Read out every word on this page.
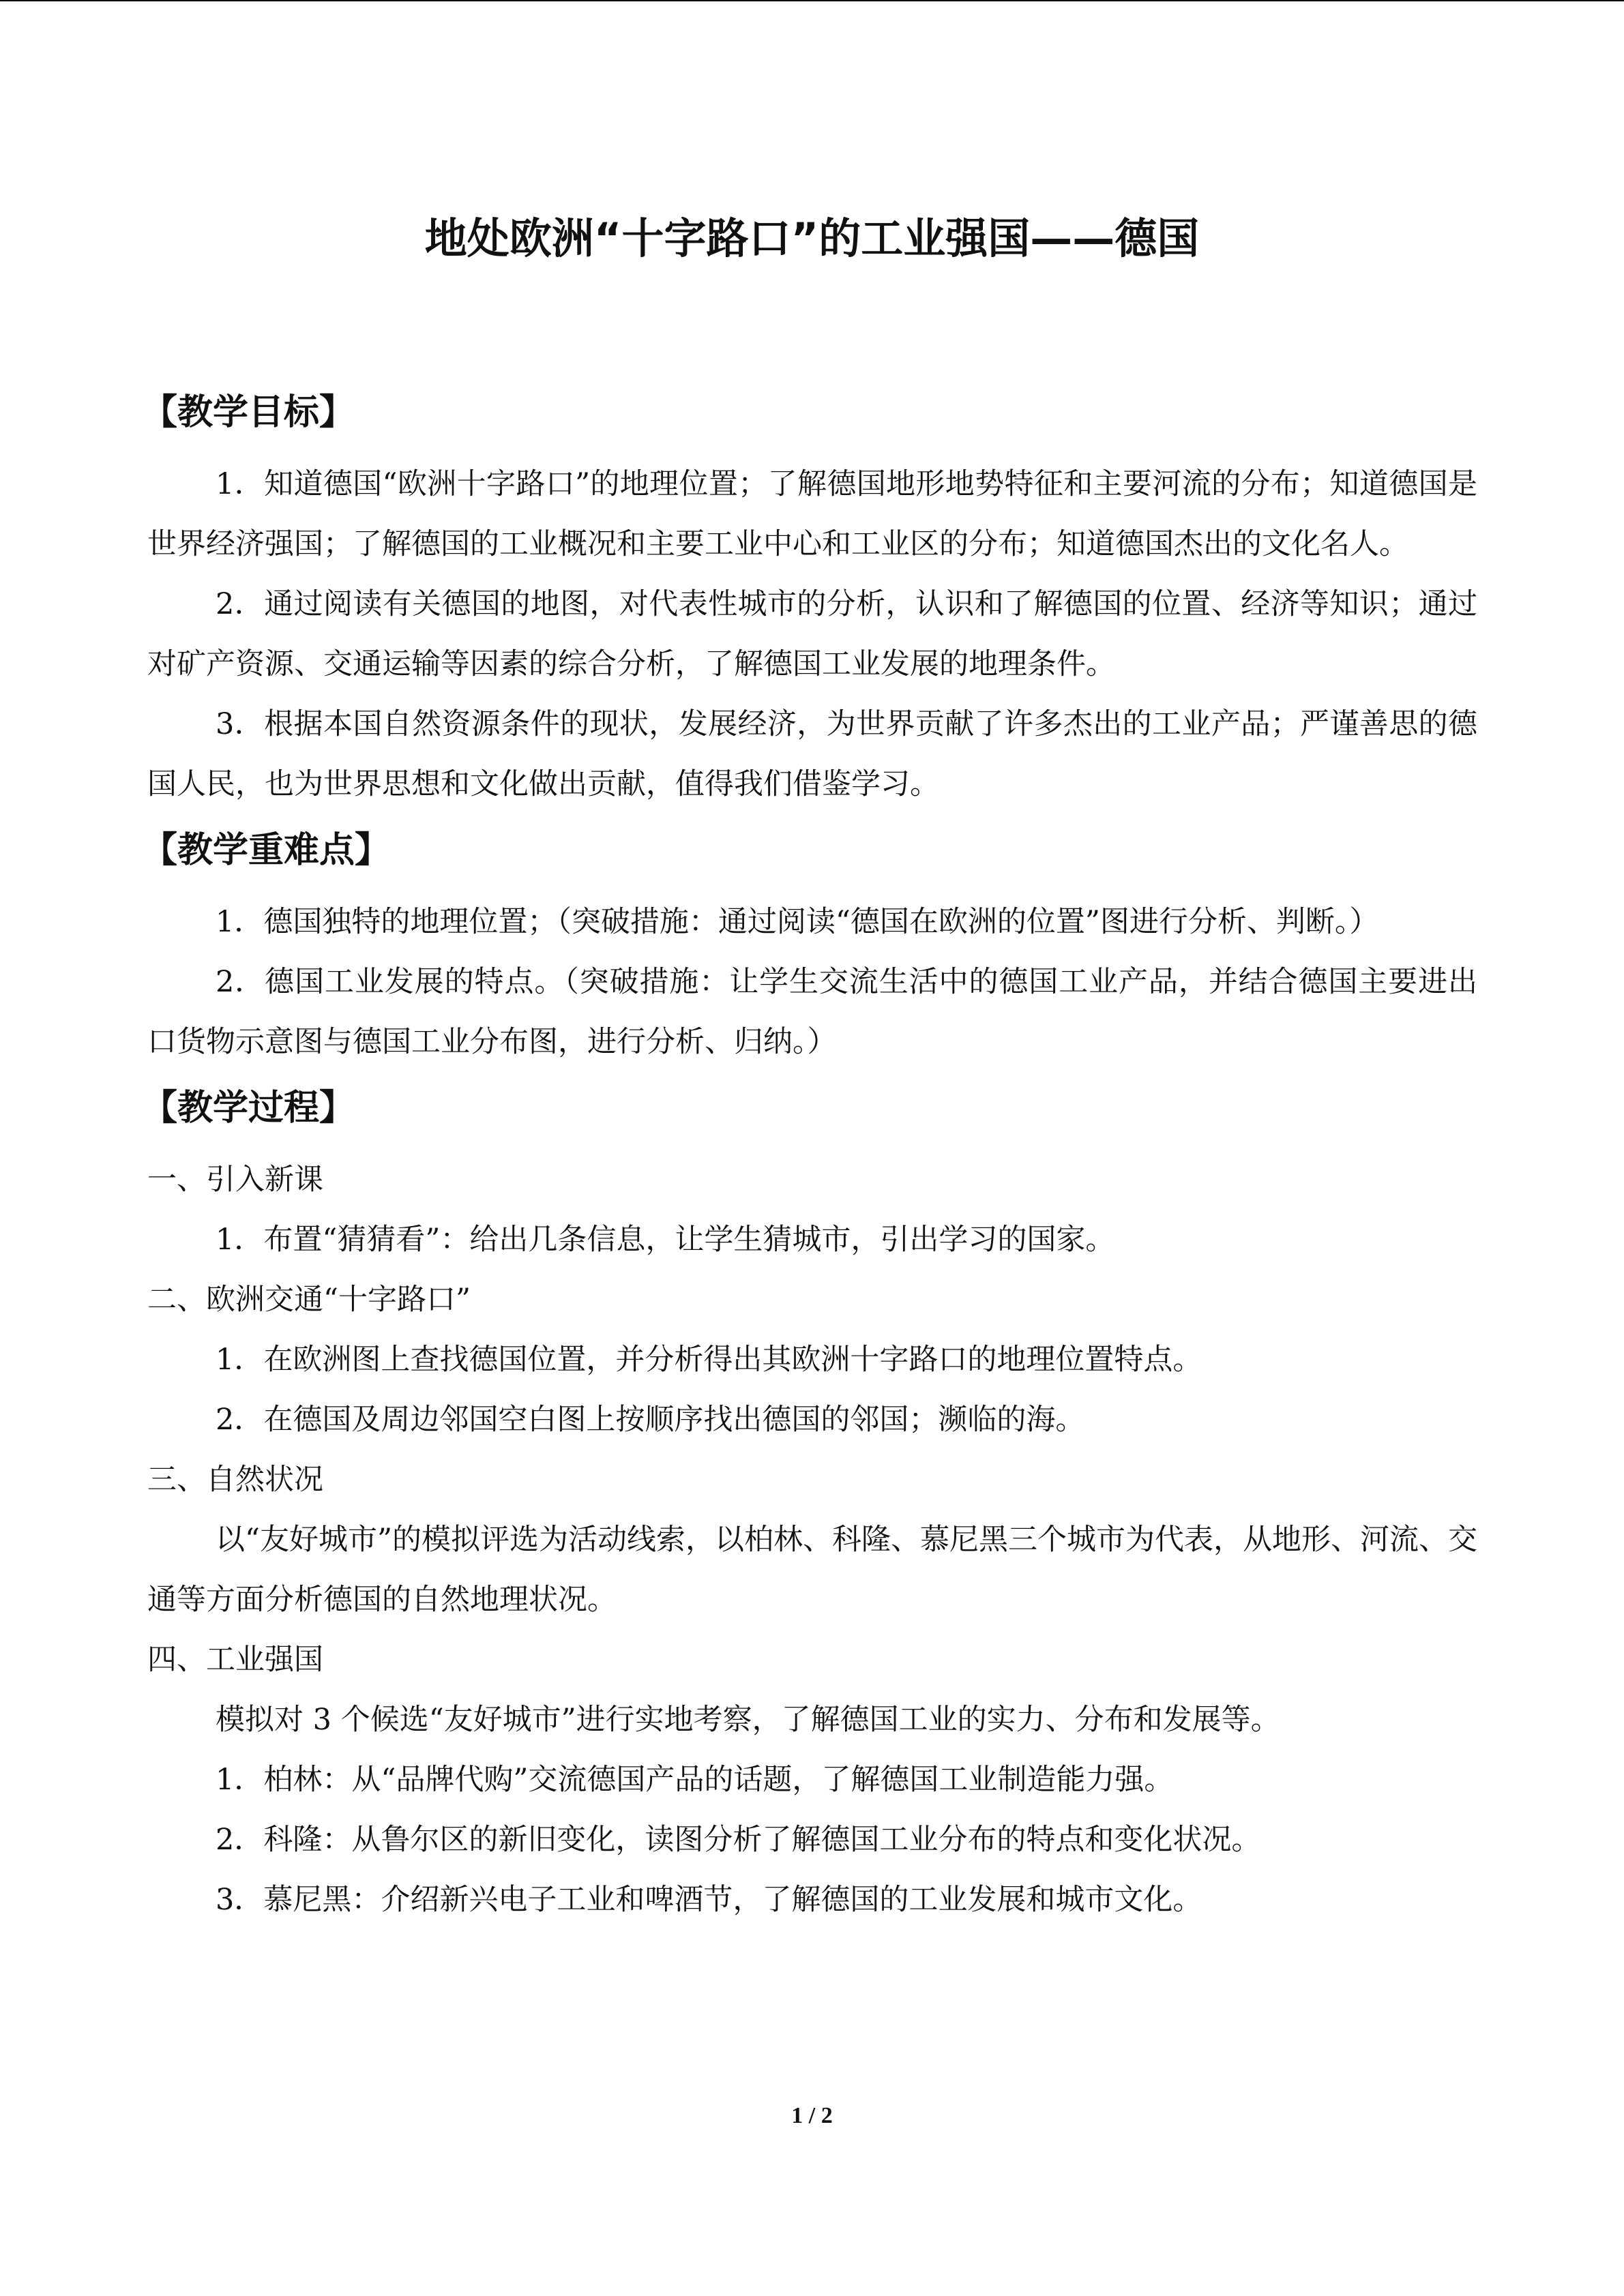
地处欧洲“十字路口”的工业强国——德国
【教学目标】

1．知道德国“欧洲十字路口”的地理位置；了解德国地形地势特征和主要河流的分布；知道德国是世界经济强国；了解德国的工业概况和主要工业中心和工业区的分布；知道德国杰出的文化名人。

2．通过阅读有关德国的地图，对代表性城市的分析，认识和了解德国的位置、经济等知识；通过对矿产资源、交通运输等因素的综合分析，了解德国工业发展的地理条件。

3．根据本国自然资源条件的现状，发展经济，为世界贡献了许多杰出的工业产品；严谨善思的德国人民，也为世界思想和文化做出贡献，值得我们借鉴学习。

【教学重难点】

1．德国独特的地理位置；（突破措施：通过阅读“德国在欧洲的位置”图进行分析、判断。）

2．德国工业发展的特点。（突破措施：让学生交流生活中的德国工业产品，并结合德国主要进出口货物示意图与德国工业分布图，进行分析、归纳。）

【教学过程】

一、引入新课

1．布置“猜猜看”：给出几条信息，让学生猜城市，引出学习的国家。

二、欧洲交通“十字路口”

1．在欧洲图上查找德国位置，并分析得出其欧洲十字路口的地理位置特点。

2．在德国及周边邻国空白图上按顺序找出德国的邻国；濒临的海。

三、自然状况

以“友好城市”的模拟评选为活动线索，以柏林、科隆、慕尼黑三个城市为代表，从地形、河流、交通等方面分析德国的自然地理状况。

四、工业强国

模拟对 3 个候选“友好城市”进行实地考察，了解德国工业的实力、分布和发展等。

1．柏林：从“品牌代购”交流德国产品的话题，了解德国工业制造能力强。

2．科隆：从鲁尔区的新旧变化，读图分析了解德国工业分布的特点和变化状况。

3．慕尼黑：介绍新兴电子工业和啤酒节，了解德国的工业发展和城市文化。

1 / 2
